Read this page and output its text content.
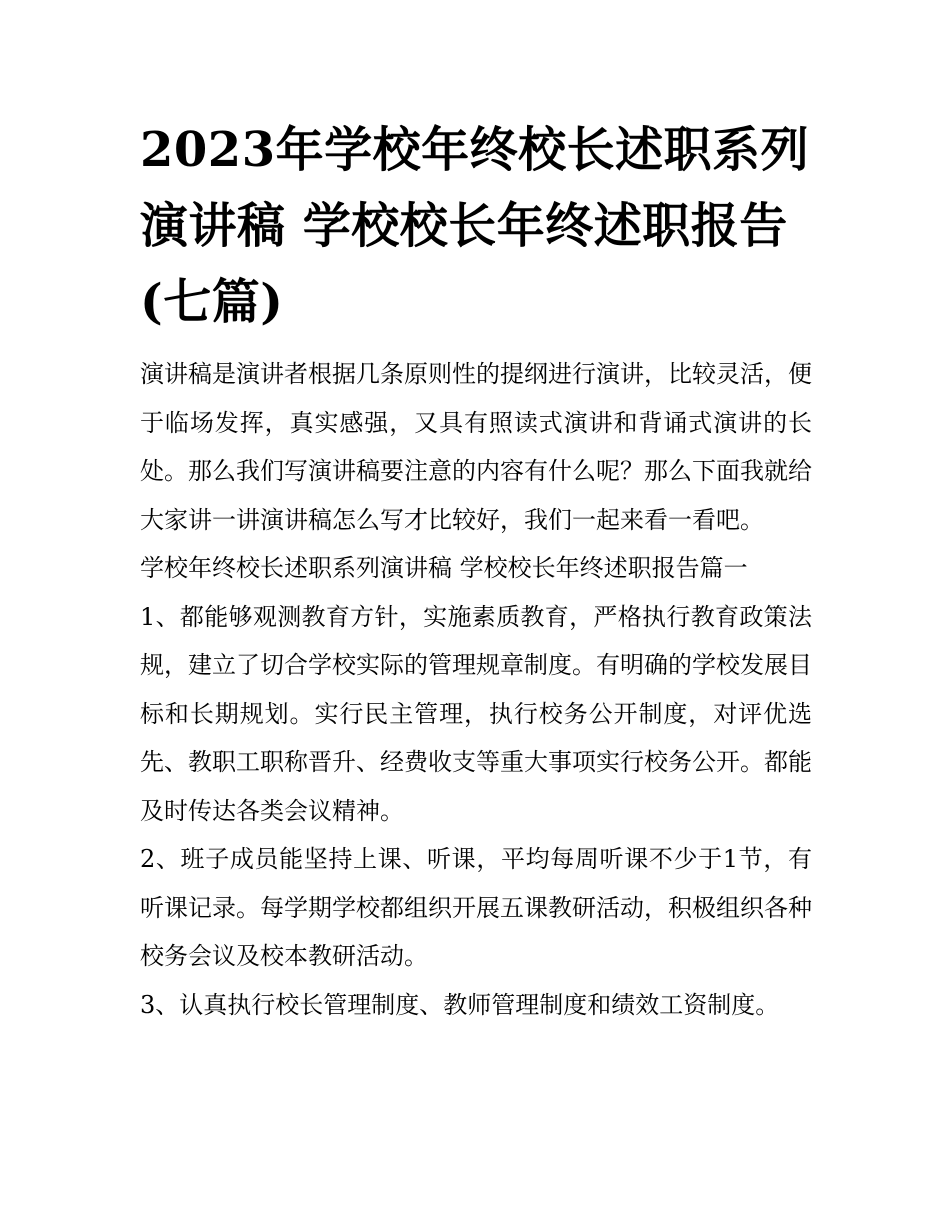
2023年学校年终校长述职系列演讲稿 学校校长年终述职报告(七篇)

演讲稿是演讲者根据几条原则性的提纲进行演讲，比较灵活，便于临场发挥，真实感强，又具有照读式演讲和背诵式演讲的长处。那么我们写演讲稿要注意的内容有什么呢？那么下面我就给大家讲一讲演讲稿怎么写才比较好，我们一起来看一看吧。

学校年终校长述职系列演讲稿 学校校长年终述职报告篇一

1、都能够观测教育方针，实施素质教育，严格执行教育政策法规，建立了切合学校实际的管理规章制度。有明确的学校发展目标和长期规划。实行民主管理，执行校务公开制度，对评优选先、教职工职称晋升、经费收支等重大事项实行校务公开。都能及时传达各类会议精神。

2、班子成员能坚持上课、听课，平均每周听课不少于1节，有听课记录。每学期学校都组织开展五课教研活动，积极组织各种校务会议及校本教研活动。

3、认真执行校长管理制度、教师管理制度和绩效工资制度。
